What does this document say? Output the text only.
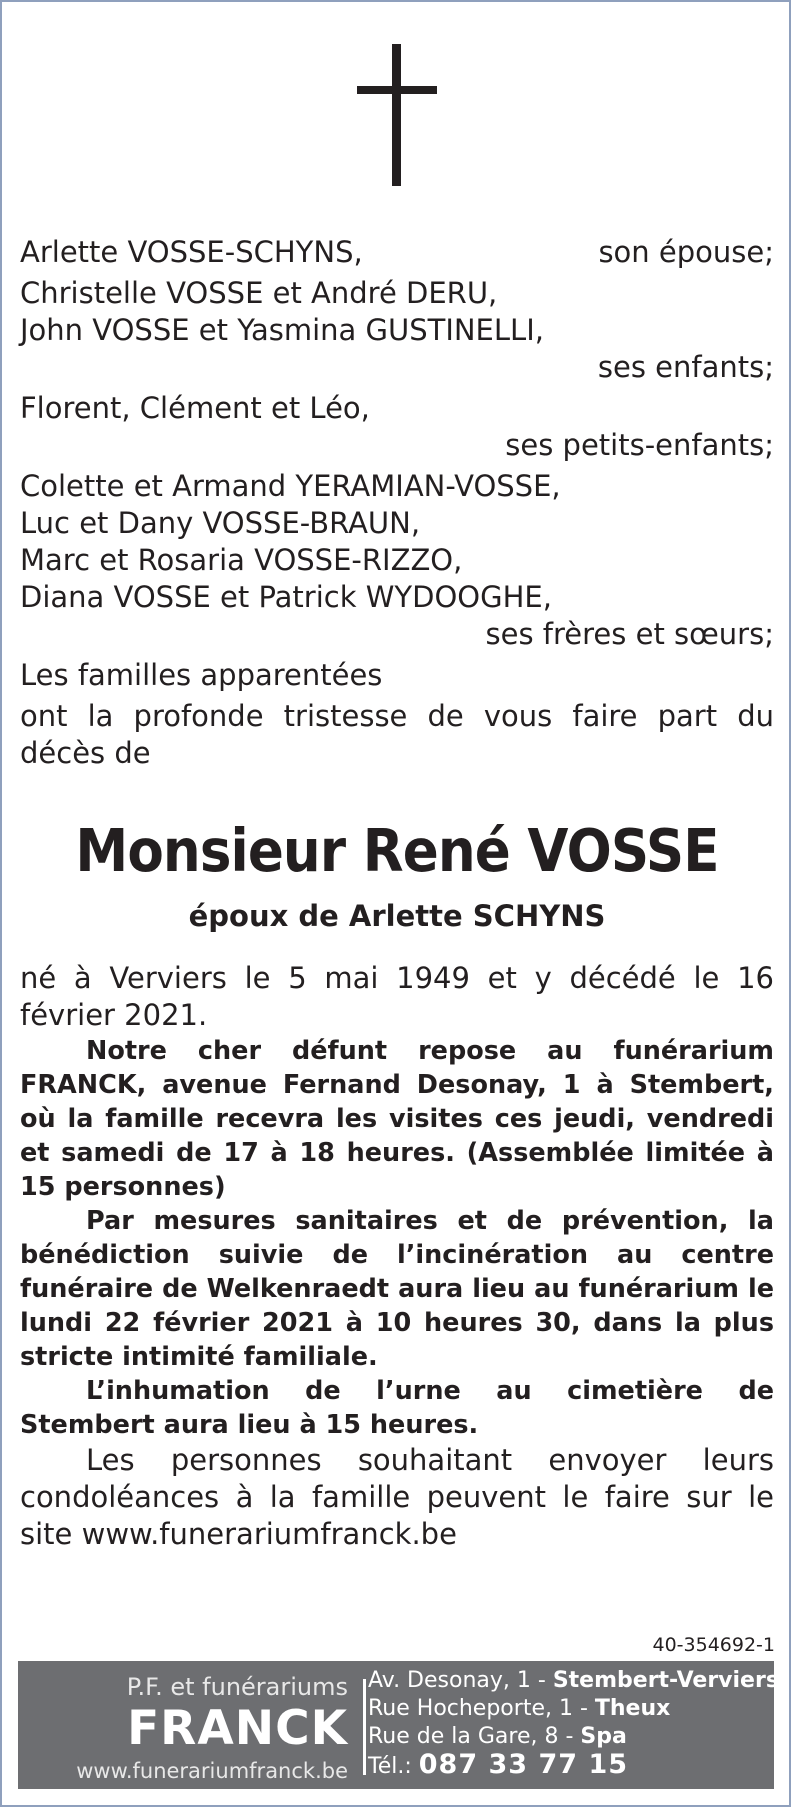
Arlette VOSSE-SCHYNS,	son épouse;
Christelle VOSSE et André DERU,
John VOSSE et Yasmina GUSTINELLI,
ses enfants;
Florent, Clément et Léo,
ses petits-enfants;
Colette et Armand YERAMIAN-VOSSE,
Luc et Dany VOSSE-BRAUN,
Marc et Rosaria VOSSE-RIZZO,
Diana VOSSE et Patrick WYDOOGHE,
ses frères et sœurs;
Les familles apparentées
ont la profonde tristesse de vous faire part du décès de
Monsieur René VOSSE
époux de Arlette SCHYNS
né à Verviers le 5 mai 1949 et y décédé le 16 février 2021.

Notre cher défunt repose au funérarium FRANCK, avenue Fernand Desonay, 1 à Stembert, où la famille recevra les visites ces jeudi, vendredi et samedi de 17 à 18 heures. (Assemblée limitée à 15 personnes)

Par mesures sanitaires et de prévention, la bénédiction suivie de l’incinération au centre funéraire de Welkenraedt aura lieu au funérarium le lundi 22 février 2021 à 10 heures 30, dans la plus stricte intimité familiale.

L’inhumation de l’urne au cimetière de Stembert aura lieu à 15 heures.

Les personnes souhaitant envoyer leurs condoléances à la famille peuvent le faire sur le site www.funerariumfranck.be
40-354692-1
P.F. et funérariums
FRANCK
www.funerariumfranck.be
Av. Desonay, 1 - Stembert-Verviers
Rue Hocheporte, 1 - Theux
Rue de la Gare, 8 - Spa
Tél.: 087 33 77 15
